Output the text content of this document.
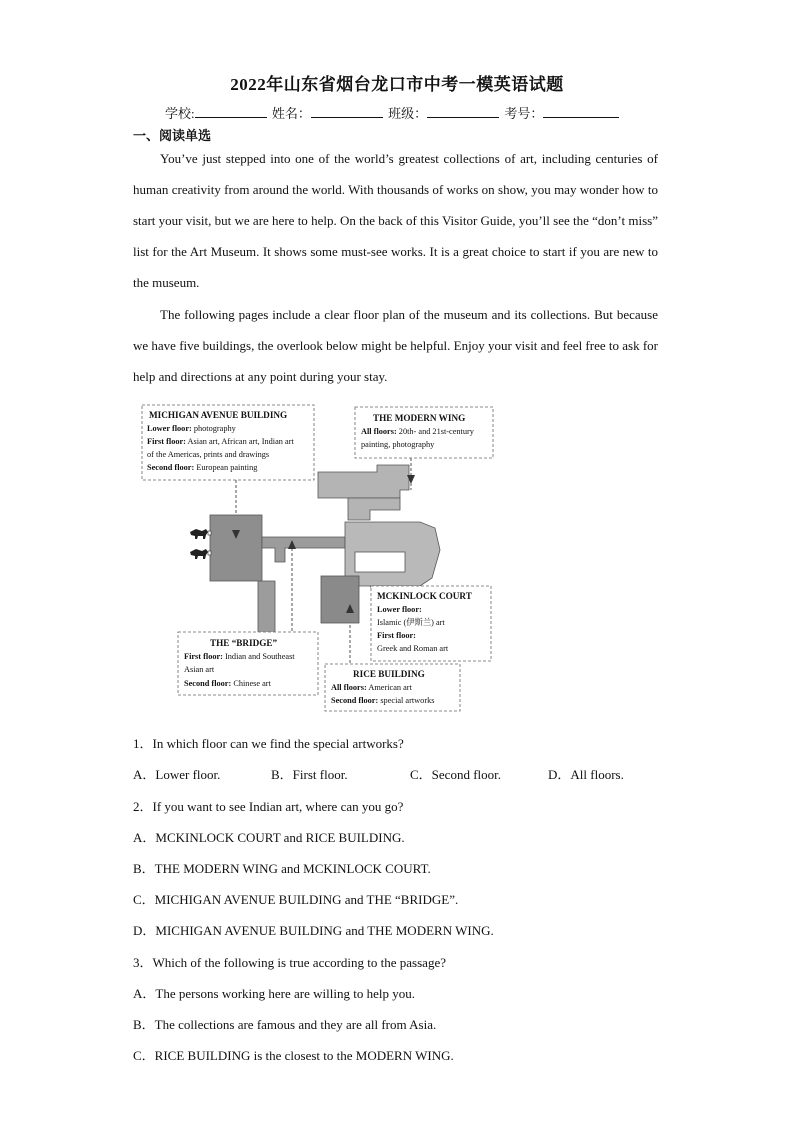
2022年山东省烟台龙口市中考一模英语试题
学校:	姓名：	班级：	考号：
一、阅读单选

You’ve just stepped into one of the world’s greatest collections of art, including centuries of human creativity from around the world. With thousands of works on show, you may wonder how to start your visit, but we are here to help. On the back of this Visitor Guide, you’ll see the “don’t miss” list for the Art Museum. It shows some must-see works. It is a great choice to start if you are new to the museum.

The following pages include a clear floor plan of the museum and its collections. But because we have five buildings, the overlook below might be helpful. Enjoy your visit and feel free to ask for help and directions at any point during your stay.

MICHIGAN AVENUE BUILDING
Lower floor: photography
First floor: Asian art, African art, Indian art
of the Americas, prints and drawings
Second floor: European painting
THE MODERN WING
All floors: 20th- and 21st-century
painting, photography
MCKINLOCK COURT
Lower floor:
Islamic (伊斯兰) art
First floor:
Greek and Roman art
THE “BRIDGE”
First floor: Indian and Southeast
Asian art
Second floor: Chinese art
RICE BUILDING
All floors: American art
Second floor: special artworks

1．In which floor can we find the special artworks?

A．Lower floor.	B．First floor.	C．Second floor.	D．All floors.

2．If you want to see Indian art, where can you go?

A．MCKINLOCK COURT and RICE BUILDING.
B．THE MODERN WING and MCKINLOCK COURT.
C．MICHIGAN AVENUE BUILDING and THE “BRIDGE”.
D．MICHIGAN AVENUE BUILDING and THE MODERN WING.

3．Which of the following is true according to the passage?

A．The persons working here are willing to help you.
B．The collections are famous and they are all from Asia.
C．RICE BUILDING is the closest to the MODERN WING.
